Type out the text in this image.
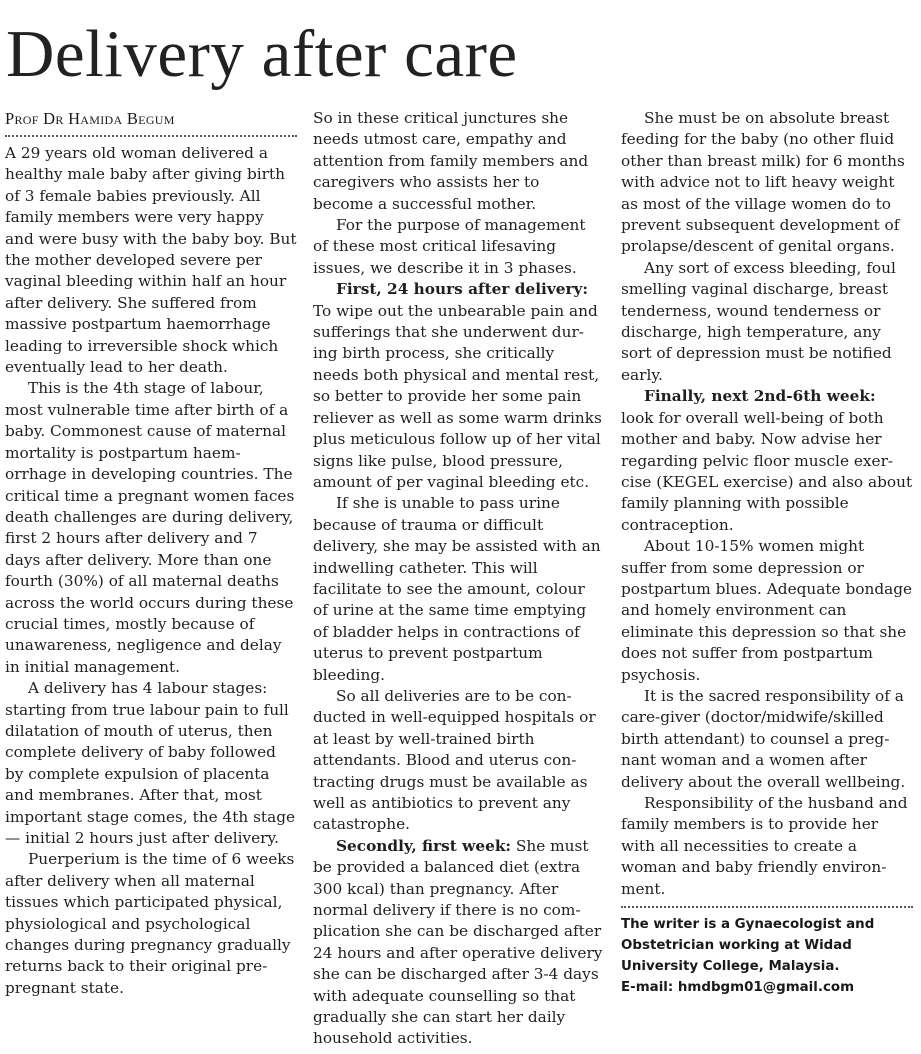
Delivery after care
Prof Dr Hamida Begum

A 29 years old woman delivered a healthy male baby after giving birth of 3 female babies previously. All family members were very happy and were busy with the baby boy. But the mother developed severe per vaginal bleeding within half an hour after delivery. She suffered from massive postpartum haemorrhage leading to irreversible shock which eventually lead to her death.

This is the 4th stage of labour, most vulnerable time after birth of a baby. Commonest cause of maternal mortality is postpartum haemorrhage in developing countries. The critical time a pregnant women faces death challenges are during delivery, first 2 hours after delivery and 7 days after delivery. More than one fourth (30%) of all maternal deaths across the world occurs during these crucial times, mostly because of unawareness, negligence and delay in initial management.

A delivery has 4 labour stages: starting from true labour pain to full dilatation of mouth of uterus, then complete delivery of baby followed by complete expulsion of placenta and membranes. After that, most important stage comes, the 4th stage — initial 2 hours just after delivery.

Puerperium is the time of 6 weeks after delivery when all maternal tissues which participated physical, physiological and psychological changes during pregnancy gradually returns back to their original pre-pregnant state.

So in these critical junctures she needs utmost care, empathy and attention from family members and caregivers who assists her to become a successful mother.

For the purpose of management of these most critical lifesaving issues, we describe it in 3 phases.

First, 24 hours after delivery: To wipe out the unbearable pain and sufferings that she underwent during birth process, she critically needs both physical and mental rest, so better to provide her some pain reliever as well as some warm drinks plus meticulous follow up of her vital signs like pulse, blood pressure, amount of per vaginal bleeding etc.

If she is unable to pass urine because of trauma or difficult delivery, she may be assisted with an indwelling catheter. This will facilitate to see the amount, colour of urine at the same time emptying of bladder helps in contractions of uterus to prevent postpartum bleeding.

So all deliveries are to be conducted in well-equipped hospitals or at least by well-trained birth attendants. Blood and uterus contracting drugs must be available as well as antibiotics to prevent any catastrophe.

Secondly, first week: She must be provided a balanced diet (extra 300 kcal) than pregnancy. After normal delivery if there is no complication she can be discharged after 24 hours and after operative delivery she can be discharged after 3-4 days with adequate counselling so that gradually she can start her daily household activities.

She must be on absolute breast feeding for the baby (no other fluid other than breast milk) for 6 months with advice not to lift heavy weight as most of the village women do to prevent subsequent development of prolapse/descent of genital organs.

Any sort of excess bleeding, foul smelling vaginal discharge, breast tenderness, wound tenderness or discharge, high temperature, any sort of depression must be notified early.

Finally, next 2nd-6th week: look for overall well-being of both mother and baby. Now advise her regarding pelvic floor muscle exercise (KEGEL exercise) and also about family planning with possible contraception.

About 10-15% women might suffer from some depression or postpartum blues. Adequate bondage and homely environment can eliminate this depression so that she does not suffer from postpartum psychosis.

It is the sacred responsibility of a care-giver (doctor/midwife/skilled birth attendant) to counsel a pregnant woman and a women after delivery about the overall wellbeing.

Responsibility of the husband and family members is to provide her with all necessities to create a woman and baby friendly environment.

The writer is a Gynaecologist and
Obstetrician working at Widad
University College, Malaysia.
E-mail: hmdbgm01@gmail.com
